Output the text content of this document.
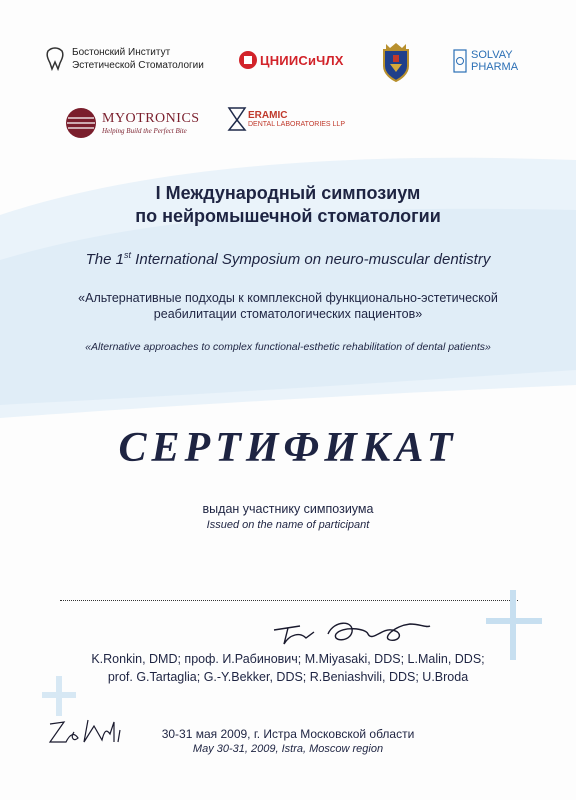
Бостонский Институт
Эстетической Стоматологии	ЦНИИСиЧЛХ	SOLVAY
PHARMA
MYOTRONICS
Helping Build the Perfect Bite
ERAMIC
DENTAL LABORATORIES LLP
I Международный симпозиум
по нейромышечной стоматологии
The 1st International Symposium on neuro-muscular dentistry
«Альтернативные подходы к комплексной функционально-эстетической
реабилитации стоматологических пациентов»
«Alternative approaches to complex functional-esthetic rehabilitation of dental patients»
СЕРТИФИКАТ
выдан участнику симпозиума
Issued on the name of participant
K.Ronkin, DMD; проф. И.Рабинович; M.Miyasaki, DDS; L.Malin, DDS;
prof. G.Tartaglia; G.-Y.Bekker, DDS; R.Beniashvili, DDS; U.Broda
30-31 мая 2009, г. Истра Московской области
May 30-31, 2009, Istra, Moscow region
